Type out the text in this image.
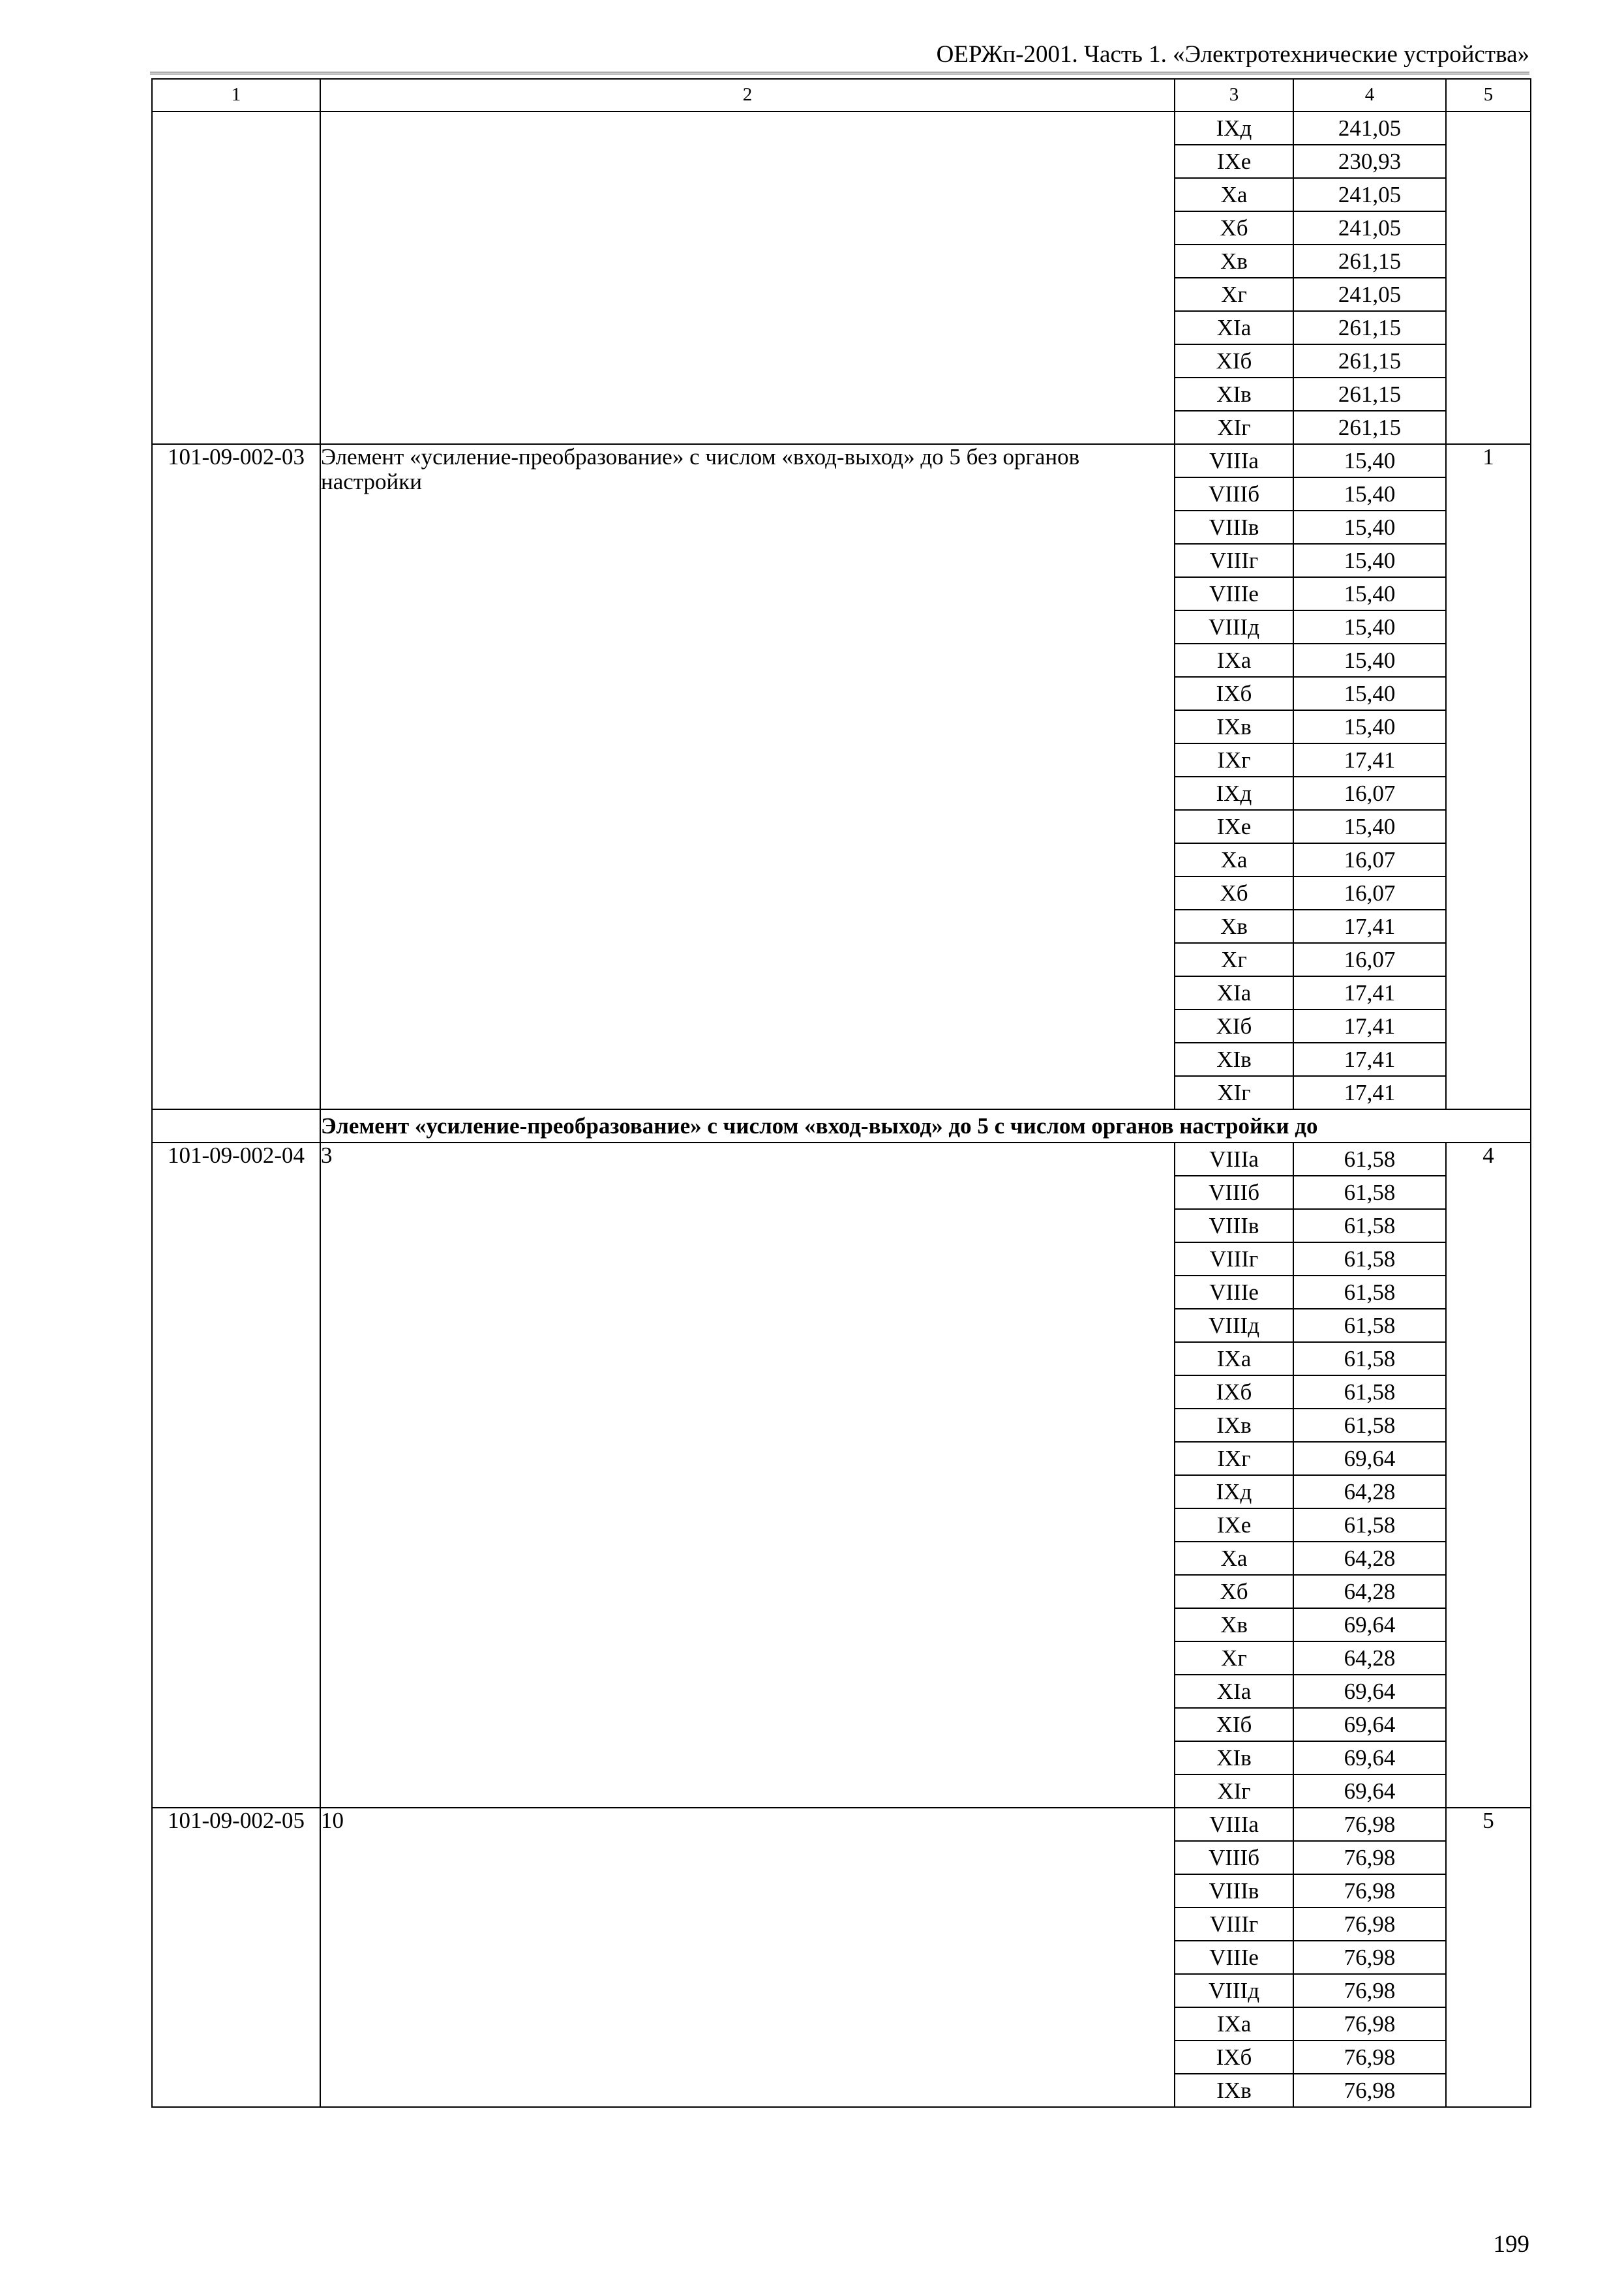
ОЕРЖп-2001. Часть 1. «Электротехнические устройства»
1	2	3	4	5
		IXд	241,05	
		IXе	230,93	
		Xа	241,05	
		Xб	241,05	
		Xв	261,15	
		Xг	241,05	
		XIа	261,15	
		XIб	261,15	
		XIв	261,15	
		XIг	261,15	
101-09-002-03	Элемент «усиление-преобразование» с числом «вход-выход» до 5 без органов настройки	VIIIа	15,40	1
		VIIIб	15,40	
		VIIIв	15,40	
		VIIIг	15,40	
		VIIIе	15,40	
		VIIIд	15,40	
		IXа	15,40	
		IXб	15,40	
		IXв	15,40	
		IXг	17,41	
		IXд	16,07	
		IXе	15,40	
		Xа	16,07	
		Xб	16,07	
		Xв	17,41	
		Xг	16,07	
		XIа	17,41	
		XIб	17,41	
		XIв	17,41	
		XIг	17,41	
	Элемент «усиление-преобразование» с числом «вход-выход» до 5 с числом органов настройки до			
101-09-002-04	3	VIIIа	61,58	4
		VIIIб	61,58	
		VIIIв	61,58	
		VIIIг	61,58	
		VIIIе	61,58	
		VIIIд	61,58	
		IXа	61,58	
		IXб	61,58	
		IXв	61,58	
		IXг	69,64	
		IXд	64,28	
		IXе	61,58	
		Xа	64,28	
		Xб	64,28	
		Xв	69,64	
		Xг	64,28	
		XIа	69,64	
		XIб	69,64	
		XIв	69,64	
		XIг	69,64	
101-09-002-05	10	VIIIа	76,98	5
		VIIIб	76,98	
		VIIIв	76,98	
		VIIIг	76,98	
		VIIIе	76,98	
		VIIIд	76,98	
		IXа	76,98	
		IXб	76,98	
		IXв	76,98	
199
